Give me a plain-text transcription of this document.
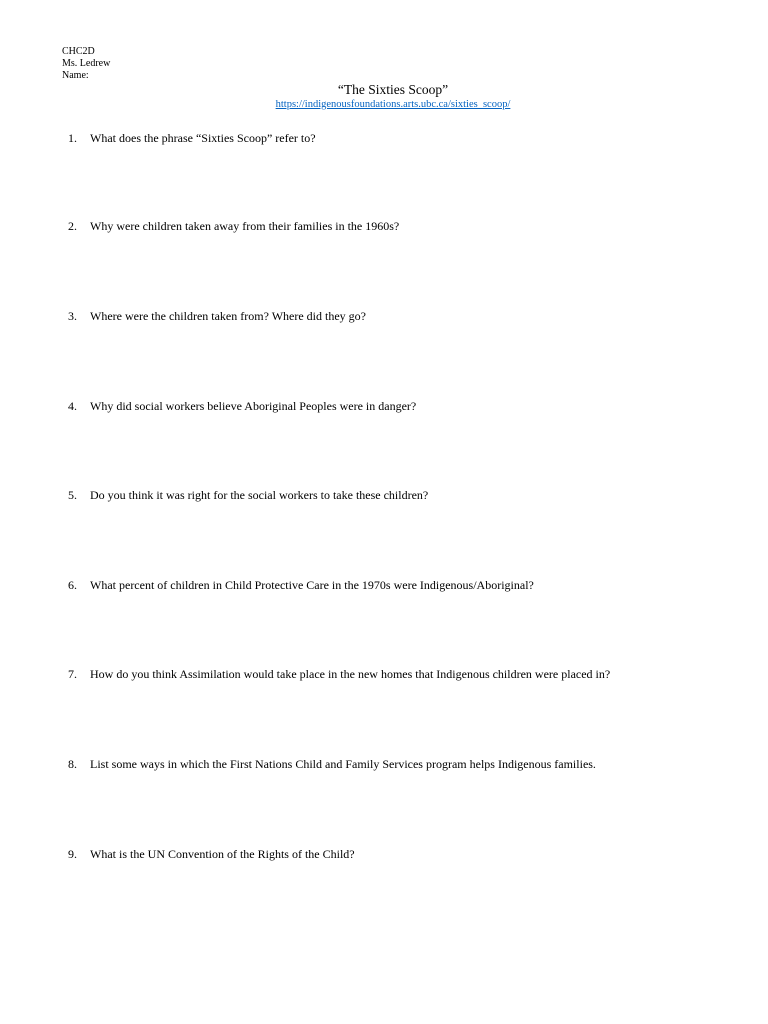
CHC2D
Ms. Ledrew
Name:
“The Sixties Scoop”
https://indigenousfoundations.arts.ubc.ca/sixties_scoop/
1. What does the phrase “Sixties Scoop” refer to?
2. Why were children taken away from their families in the 1960s?
3. Where were the children taken from? Where did they go?
4. Why did social workers believe Aboriginal Peoples were in danger?
5. Do you think it was right for the social workers to take these children?
6. What percent of children in Child Protective Care in the 1970s were Indigenous/Aboriginal?
7. How do you think Assimilation would take place in the new homes that Indigenous children were placed in?
8. List some ways in which the First Nations Child and Family Services program helps Indigenous families.
9. What is the UN Convention of the Rights of the Child?
